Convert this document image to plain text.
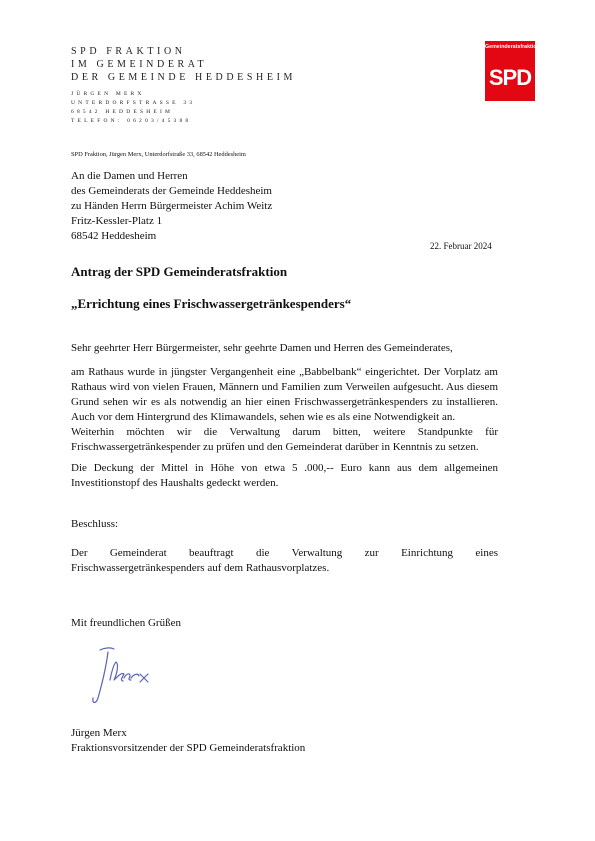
SPD FRAKTION
IM GEMEINDERAT
DER GEMEINDE HEDDESHEIM
JÜRGEN MERX
UNTERDORFSTRASSE 33
68542 HEDDESHEIM
TELEFON: 06203/45388
Gemeinderatsfraktion
SPD
SPD Fraktion, Jürgen Merx, Unterdorfstraße 33, 68542 Heddesheim
An die Damen und Herren
des Gemeinderats der Gemeinde Heddesheim
zu Händen Herrn Bürgermeister Achim Weitz
Fritz-Kessler-Platz 1
68542 Heddesheim
22. Februar 2024
Antrag der SPD Gemeinderatsfraktion
„Errichtung eines Frischwassergetränkespenders“
Sehr geehrter Herr Bürgermeister, sehr geehrte Damen und Herren des Gemeinderates,
am Rathaus wurde in jüngster Vergangenheit eine „Babbelbank“ eingerichtet. Der Vorplatz am
Rathaus wird von vielen Frauen, Männern und Familien zum Verweilen aufgesucht. Aus diesem
Grund sehen wir es als notwendig an hier einen Frischwassergetränkespenders zu installieren.
Auch vor dem Hintergrund des Klimawandels, sehen wie es als eine Notwendigkeit an.
Weiterhin möchten wir die Verwaltung darum bitten, weitere Standpunkte für
Frischwassergetränkespender zu prüfen und den Gemeinderat darüber in Kenntnis zu setzen.
Die Deckung der Mittel in Höhe von etwa 5 .000,-- Euro kann aus dem allgemeinen
Investitionstopf des Haushalts gedeckt werden.
Beschluss:
Der Gemeinderat beauftragt die Verwaltung zur Einrichtung eines
Frischwassergetränkespenders auf dem Rathausvorplatzes.
Mit freundlichen Grüßen
Jürgen Merx
Fraktionsvorsitzender der SPD Gemeinderatsfraktion
